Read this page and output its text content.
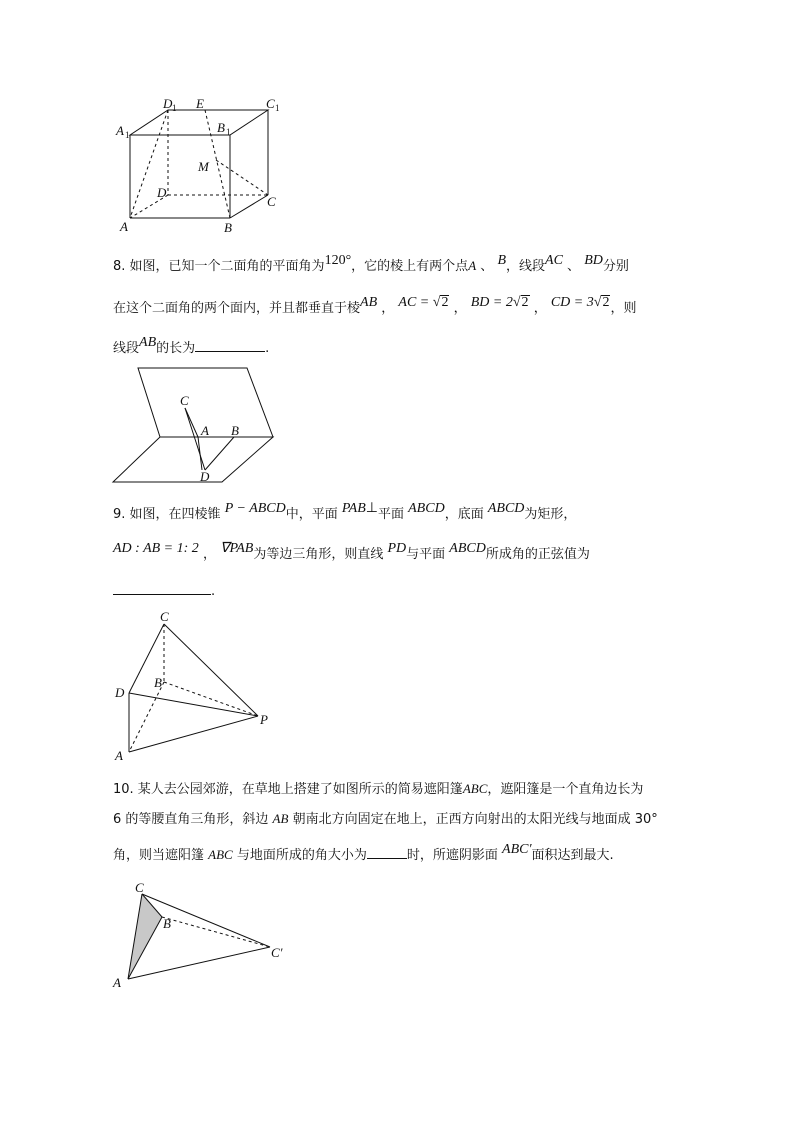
D 1 E	C 1
A 1	B 1
M
D
C
A	B
8. 如图，已知一个二面角的平面角为120°，它的棱上有两个点A 、 B，线段AC 、 BD分别
在这个二面角的两个面内，并且都垂直于棱AB ， AC = √2 ， BD = 2√2 ， CD = 3√2，则
线段AB的长为	.
C
A B
D
9. 如图，在四棱锥 P − ABCD中，平面 PAB⊥平面 ABCD，底面 ABCD为矩形，
AD : AB = 1: 2 ， ∇PAB为等边三角形，则直线 PD与平面 ABCD所成角的正弦值为
.
C
D
B
P
A
10. 某人去公园郊游，在草地上搭建了如图所示的简易遮阳篷ABC，遮阳篷是一个直角边长为
6 的等腰直角三角形，斜边 AB 朝南北方向固定在地上，正西方向射出的太阳光线与地面成 30°
角，则当遮阳篷 ABC 与地面所成的角大小为	时，所遮阴影面 ABC′面积达到最大.
C
B
C′
A
